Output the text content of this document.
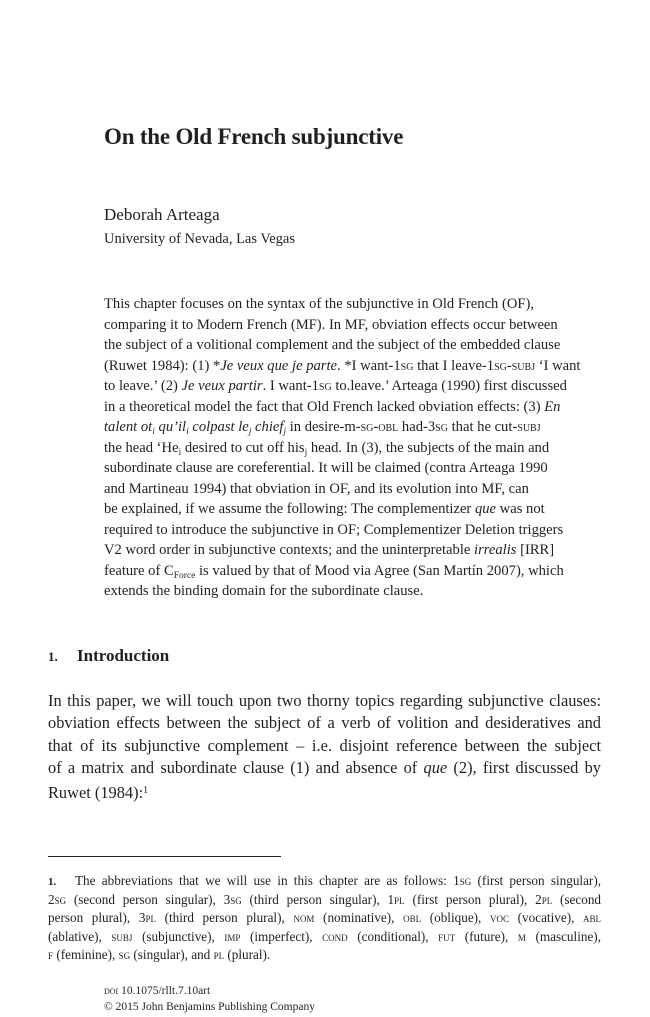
On the Old French subjunctive
Deborah Arteaga
University of Nevada, Las Vegas
This chapter focuses on the syntax of the subjunctive in Old French (OF),
comparing it to Modern French (MF). In MF, obviation effects occur between
the subject of a volitional complement and the subject of the embedded clause
(Ruwet 1984): (1) *Je veux que je parte. *I want-1sg that I leave-1sg-subj ‘I want
to leave.’ (2) Je veux partir. I want-1sg to.leave.’ Arteaga (1990) first discussed
in a theoretical model the fact that Old French lacked obviation effects: (3) En
talent $ot_i$ $qu’il_i$ colpast $le_j$ chief$_j$ in desire-m-sg-obl had-3sg that he cut-subj
the head ‘$He_i$ desired to cut off his$_j$ head. In (3), the subjects of the main and
subordinate clause are coreferential. It will be claimed (contra Arteaga 1990
and Martineau 1994) that obviation in OF, and its evolution into MF, can
be explained, if we assume the following: The complementizer que was not
required to introduce the subjunctive in OF; Complementizer Deletion triggers
V2 word order in subjunctive contexts; and the uninterpretable irrealis [IRR]
feature of $C_{Force}$ is valued by that of Mood via Agree (San Martín 2007), which
extends the binding domain for the subordinate clause.
1. Introduction
In this paper, we will touch upon two thorny topics regarding subjunctive clauses:
obviation effects between the subject of a verb of volition and desideratives and
that of its subjunctive complement – i.e. disjoint reference between the subject
of a matrix and subordinate clause (1) and absence of que (2), first discussed by
Ruwet (1984):$^1$
1. The abbreviations that we will use in this chapter are as follows: 1sg (first person singular),
2sg (second person singular), 3sg (third person singular), 1pl (first person plural), 2pl (second
person plural), 3pl (third person plural), nom (nominative), obl (oblique), voc (vocative), abl
(ablative), subj (subjunctive), imp (imperfect), cond (conditional), fut (future), m (masculine),
f (feminine), sg (singular), and pl (plural).
doi 10.1075/rllt.7.10art
© 2015 John Benjamins Publishing Company
